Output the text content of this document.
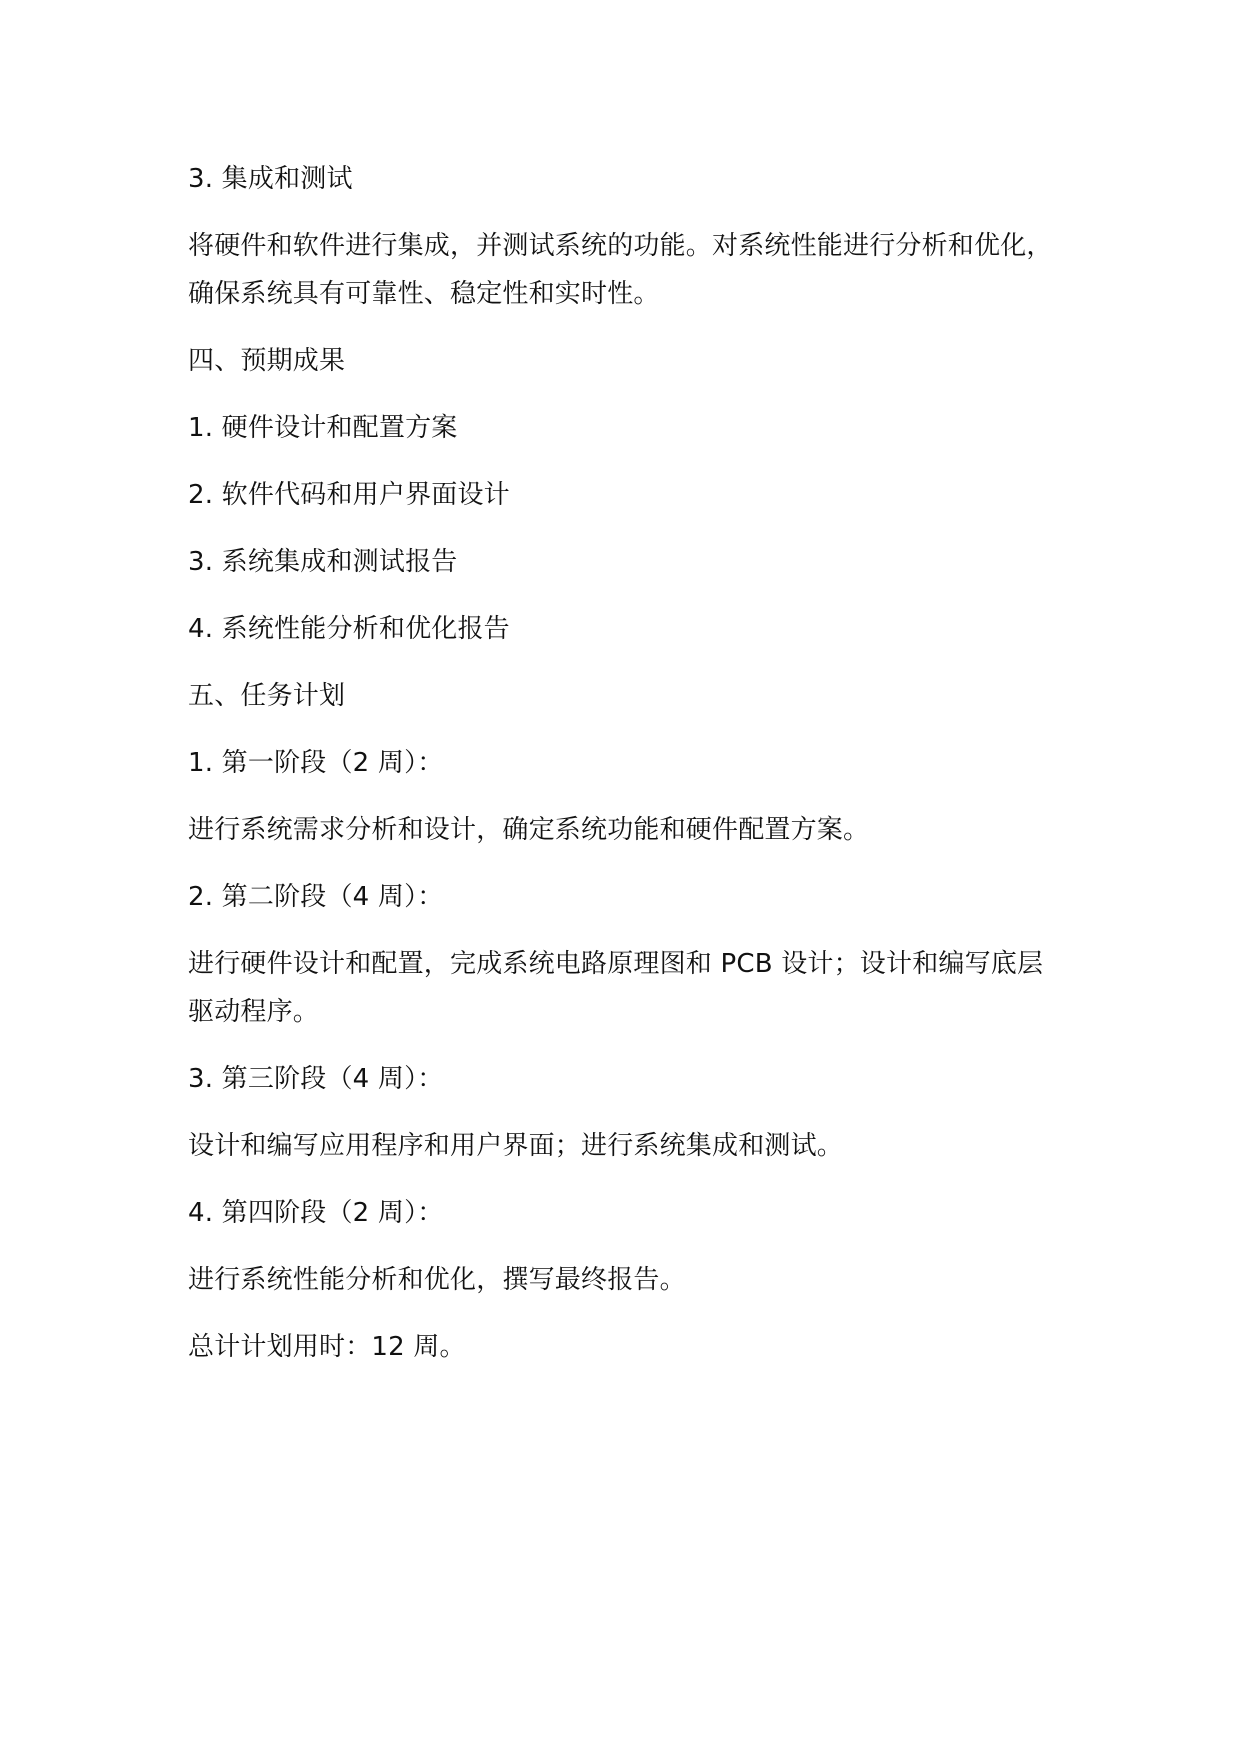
3. 集成和测试

将硬件和软件进行集成，并测试系统的功能。对系统性能进行分析和优化，确保系统具有可靠性、稳定性和实时性。

四、预期成果

1. 硬件设计和配置方案

2. 软件代码和用户界面设计

3. 系统集成和测试报告

4. 系统性能分析和优化报告

五、任务计划

1. 第一阶段（2 周）：

进行系统需求分析和设计，确定系统功能和硬件配置方案。

2. 第二阶段（4 周）：

进行硬件设计和配置，完成系统电路原理图和 PCB 设计；设计和编写底层驱动程序。

3. 第三阶段（4 周）：

设计和编写应用程序和用户界面；进行系统集成和测试。

4. 第四阶段（2 周）：

进行系统性能分析和优化，撰写最终报告。

总计计划用时：12 周。
